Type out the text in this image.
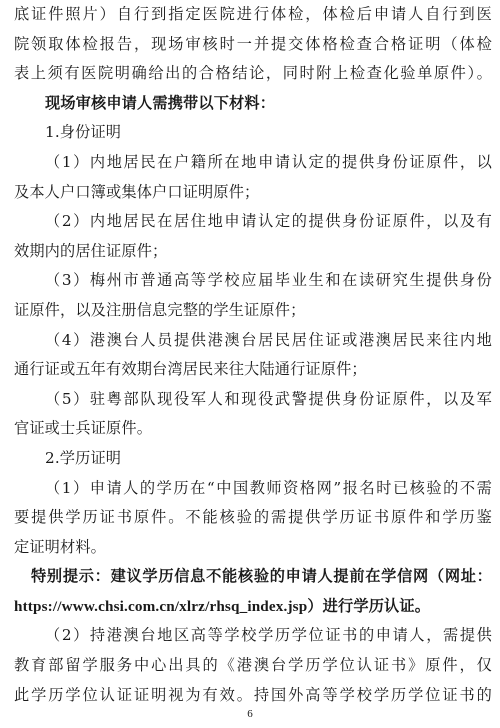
底证件照片）自行到指定医院进行体检，体检后申请人自行到医
院领取体检报告，现场审核时一并提交体格检查合格证明（体检
表上须有医院明确给出的合格结论，同时附上检查化验单原件）。
现场审核申请人需携带以下材料：
1.身份证明
（1）内地居民在户籍所在地申请认定的提供身份证原件，以
及本人户口簿或集体户口证明原件；
（2）内地居民在居住地申请认定的提供身份证原件，以及有
效期内的居住证原件；
（3）梅州市普通高等学校应届毕业生和在读研究生提供身份
证原件，以及注册信息完整的学生证原件；
（4）港澳台人员提供港澳台居民居住证或港澳居民来往内地
通行证或五年有效期台湾居民来往大陆通行证原件；
（5）驻粤部队现役军人和现役武警提供身份证原件，以及军
官证或士兵证原件。
2.学历证明
（1）申请人的学历在“中国教师资格网”报名时已核验的不需
要提供学历证书原件。不能核验的需提供学历证书原件和学历鉴
定证明材料。
特别提示：建议学历信息不能核验的申请人提前在学信网（网址：
https://www.chsi.com.cn/xlrz/rhsq_index.jsp）进行学历认证。
（2）持港澳台地区高等学校学历学位证书的申请人，需提供
教育部留学服务中心出具的《港澳台学历学位认证书》原件，仅
此学历学位认证证明视为有效。持国外高等学校学历学位证书的
6
